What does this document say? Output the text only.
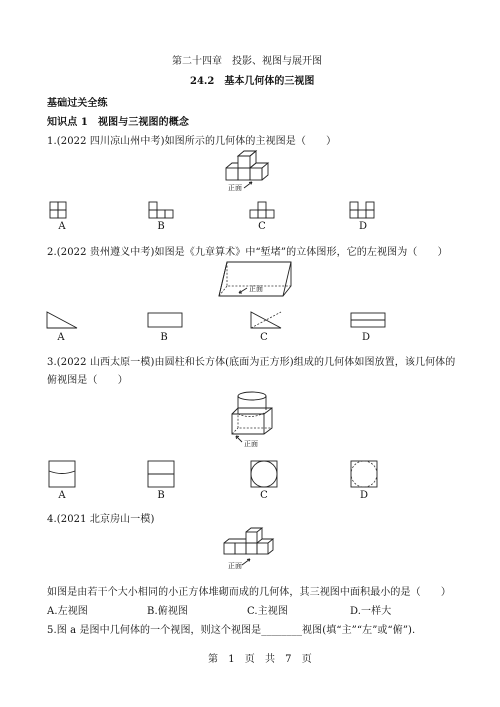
第二十四章　投影、视图与展开图
24.2　基本几何体的三视图
基础过关全练
知识点 1　视图与三视图的概念
1.(2022 四川凉山州中考)如图所示的几何体的主视图是（　　）
正面
A	B	C	D
2.(2022 贵州遵义中考)如图是《九章算术》中“堑堵”的立体图形，它的左视图为（　　）
正面
A	B	C	D
3.(2022 山西太原一模)由圆柱和长方体(底面为正方形)组成的几何体如图放置，该几何体的
俯视图是（　　）
正面
A	B	C	D
4.(2021 北京房山一模)
正面
如图是由若干个大小相同的小正方体堆砌而成的几何体，其三视图中面积最小的是（　　）
A.左视图	B.俯视图	C.主视图	D.一样大
5.图 a 是图中几何体的一个视图，则这个视图是________视图(填“主”“左”或“俯”).
第　1　页　共　7　页
